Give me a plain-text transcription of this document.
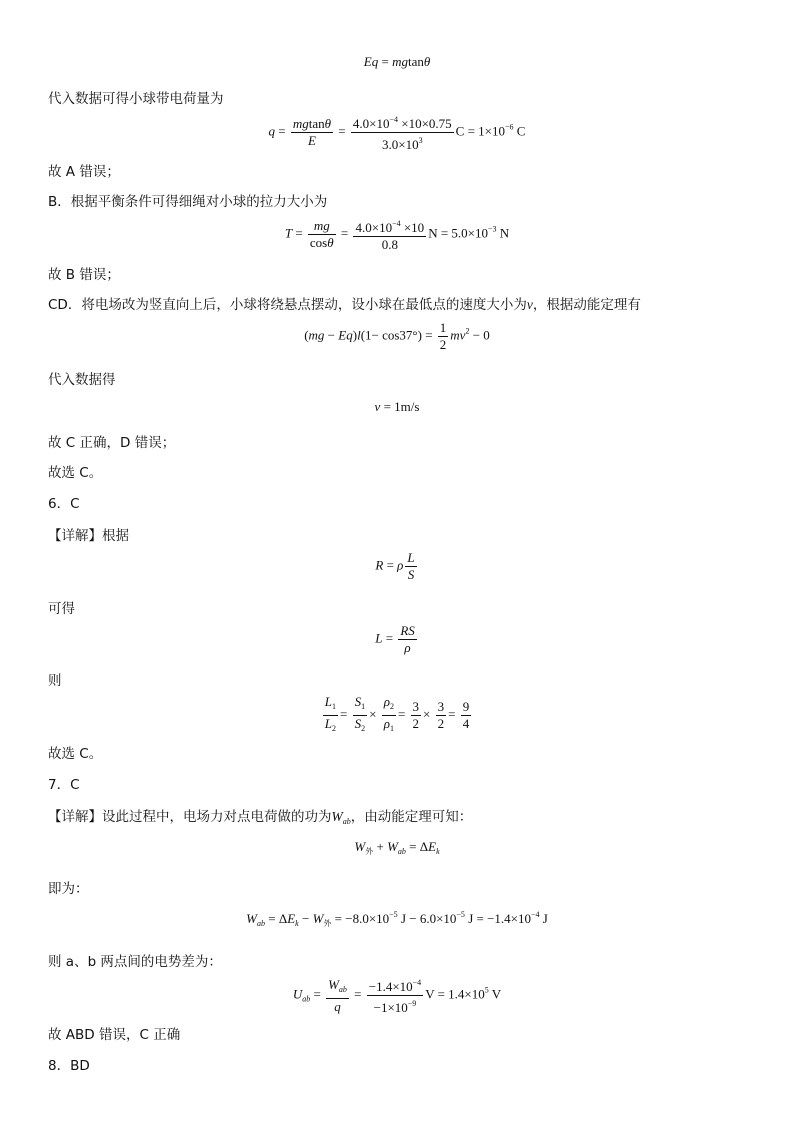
Eq = mgtanθ
代入数据可得小球带电荷量为
$q = \frac{mgtan\theta}{E} = \frac{4.0\times 10^{-4} \times 10\times 0.75}{3.0\times 10^3}$ $C = 1\times 10^{-6}$ C
故 A 错误；
B．根据平衡条件可得细绳对小球的拉力大小为
$T = \frac{mg}{\cos\theta} = \frac{4.0\times 10^{-4} \times 10}{0.8}$ $N = 5.0\times 10^{-3}$ N
故 B 错误；
CD．将电场改为竖直向上后，小球将绕悬点摆动，设小球在最低点的速度大小为v，根据动能定理有
$(mg - Eq)l(1- \cos 37^\circ) = \frac{1}{2} mv^2 - 0$
代入数据得
v = 1m/s
故 C 正确，D 错误；
故选 C。
6．C
【详解】根据
R = ρ $\frac{L}{S}$
可得
$L = \frac{RS}{\rho}$
则
$\frac{L_1}{L_2} = \frac{S_1}{S_2} \times \frac{\rho_2}{\rho_1} = \frac{3}{2} \times \frac{3}{2} = \frac{9}{4}$
故选 C。
7．C
【详解】设此过程中，电场力对点电荷做的功为$W_{ab}$，由动能定理可知：
$W_外 + W_{ab} = \Delta E_k$
即为：
$W_{ab} = \Delta E_k - W_外 = -8.0\times 10^{-5}$ $J - 6.0\times 10^{-5}$ $J = -1.4\times 10^{-4}$ J
则 a、b 两点间的电势差为：
$U_{ab} = \frac{W_{ab}}{q} = \frac{-1.4\times 10^{-4}}{-1\times 10^{-9}}$ $V = 1.4\times 10^5$ V
故 ABD 错误，C 正确
8．BD
